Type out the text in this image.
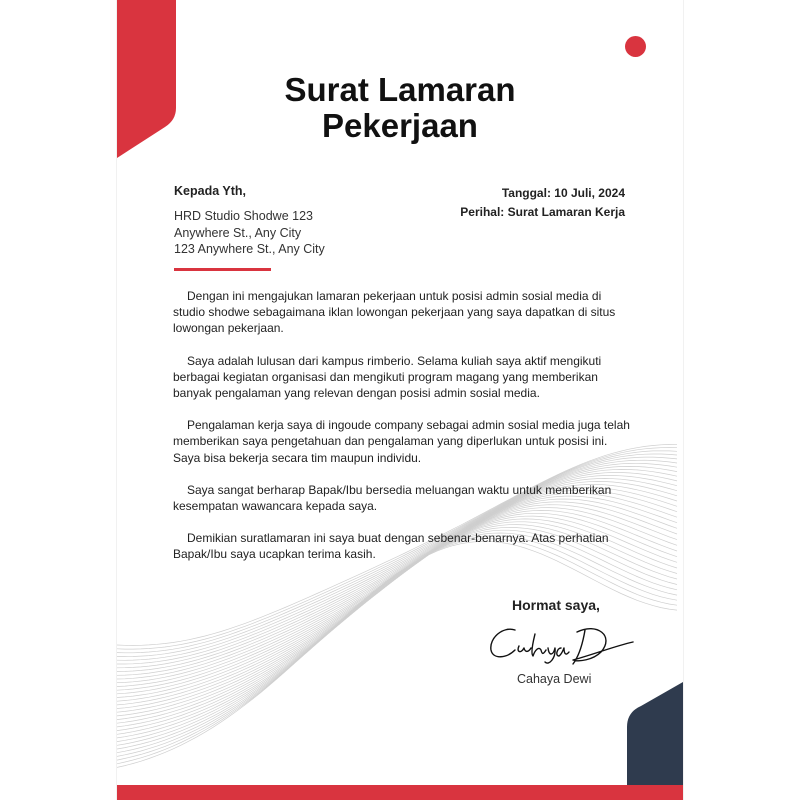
Surat Lamaran
Pekerjaan
Kepada Yth,
HRD Studio Shodwe 123
Anywhere St., Any City
123 Anywhere St., Any City
Tanggal: 10 Juli, 2024
Perihal: Surat Lamaran Kerja

Dengan ini mengajukan lamaran pekerjaan untuk posisi admin sosial media di studio shodwe sebagaimana iklan lowongan pekerjaan yang saya dapatkan di situs lowongan pekerjaan.

Saya adalah lulusan dari kampus rimberio. Selama kuliah saya aktif mengikuti berbagai kegiatan organisasi dan mengikuti program magang yang memberikan banyak pengalaman yang relevan dengan posisi admin sosial media.

Pengalaman kerja saya di ingoude company sebagai admin sosial media juga telah memberikan saya pengetahuan dan pengalaman yang diperlukan untuk posisi ini. Saya bisa bekerja secara tim maupun individu.

Saya sangat berharap Bapak/Ibu bersedia meluangan waktu untuk memberikan kesempatan wawancara kepada saya.

Demikian suratlamaran ini saya buat dengan sebenar-benarnya. Atas perhatian Bapak/Ibu saya ucapkan terima kasih.

Hormat saya,
Cahaya Dewi
